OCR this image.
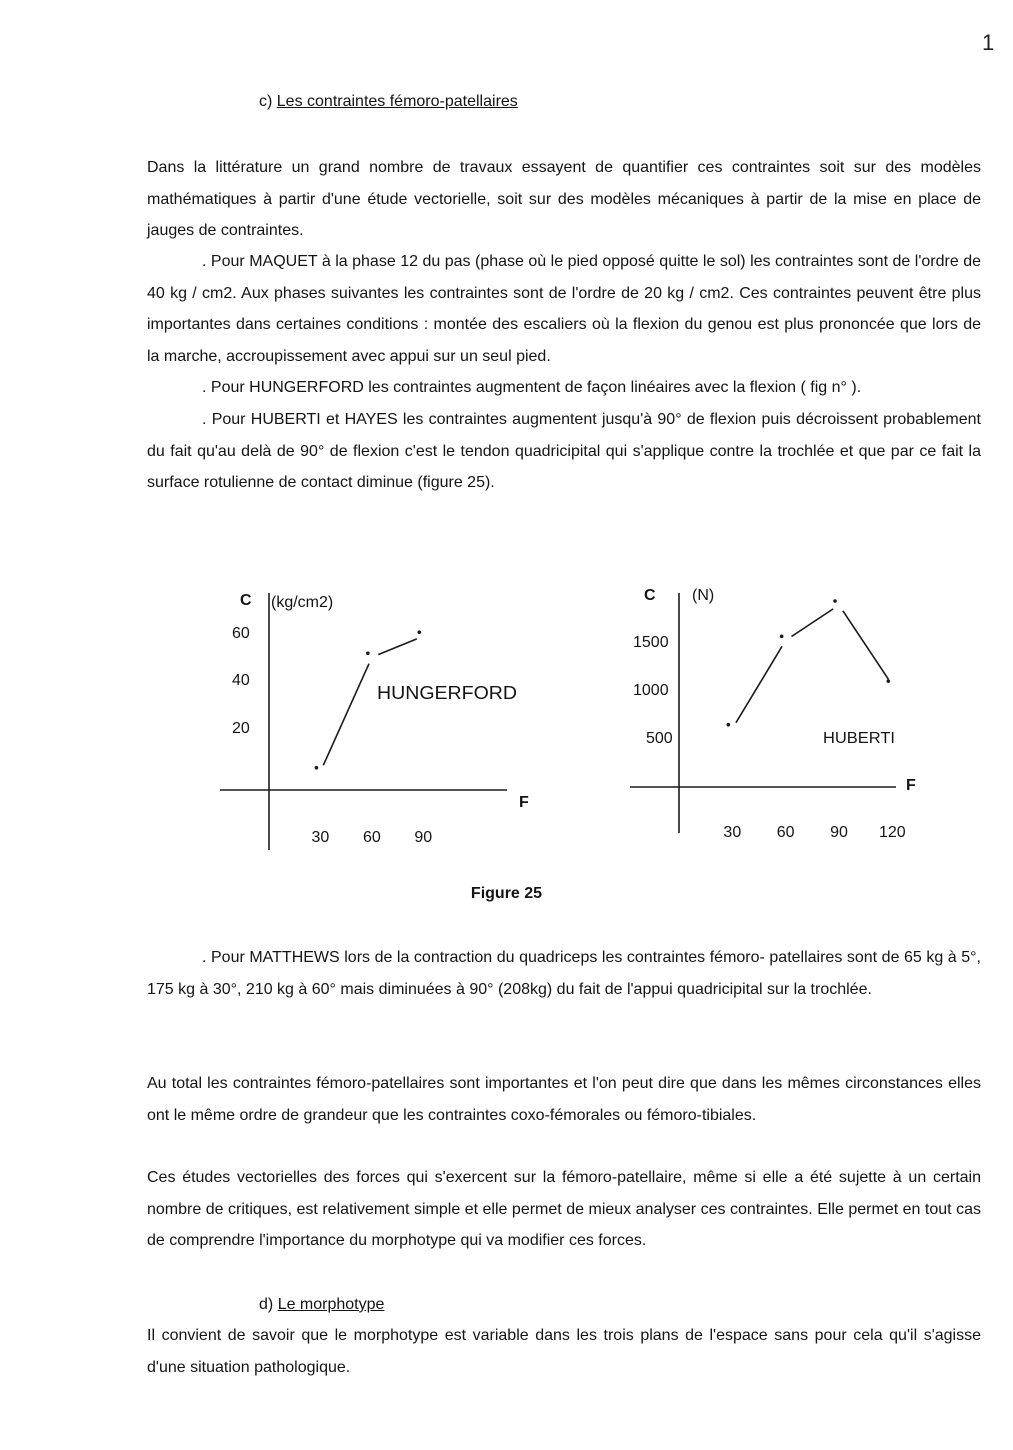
1
c) Les contraintes fémoro-patellaires

Dans la littérature un grand nombre de travaux essayent de quantifier ces contraintes soit sur des modèles mathématiques à partir d'une étude vectorielle, soit sur des modèles mécaniques à partir de la mise en place de jauges de contraintes.

. Pour MAQUET à la phase 12 du pas (phase où le pied opposé quitte le sol) les contraintes sont de l'ordre de 40 kg / cm2. Aux phases suivantes les contraintes sont de l'ordre de 20 kg / cm2. Ces contraintes peuvent être plus importantes dans certaines conditions : montée des escaliers où la flexion du genou est plus prononcée que lors de la marche, accroupissement avec appui sur un seul pied.

. Pour HUNGERFORD les contraintes augmentent de façon linéaires avec la flexion ( fig n° ).

. Pour HUBERTI et HAYES les contraintes augmentent jusqu'à 90° de flexion puis décroissent probablement du fait qu'au delà de 90° de flexion c'est le tendon quadricipital qui s'applique contre la trochlée et que par ce fait la surface rotulienne de contact diminue (figure 25).

60
40
20
30 60 90
C (kg/cm2)
F
HUNGERFORD
1500
1000
500
30 60 90 120
C (N)
F
HUBERTI
Figure 25

. Pour MATTHEWS lors de la contraction du quadriceps les contraintes fémoro- patellaires sont de 65 kg à 5°, 175 kg à 30°, 210 kg à 60° mais diminuées à 90° (208kg) du fait de l'appui quadricipital sur la trochlée.

Au total les contraintes fémoro-patellaires sont importantes et l'on peut dire que dans les mêmes circonstances elles ont le même ordre de grandeur que les contraintes coxo-fémorales ou fémoro-tibiales.

Ces études vectorielles des forces qui s'exercent sur la fémoro-patellaire, même si elle a été sujette à un certain nombre de critiques, est relativement simple et elle permet de mieux analyser ces contraintes. Elle permet en tout cas de comprendre l'importance du morphotype qui va modifier ces forces.

d) Le morphotype

Il convient de savoir que le morphotype est variable dans les trois plans de l'espace sans pour cela qu'il s'agisse d'une situation pathologique.
